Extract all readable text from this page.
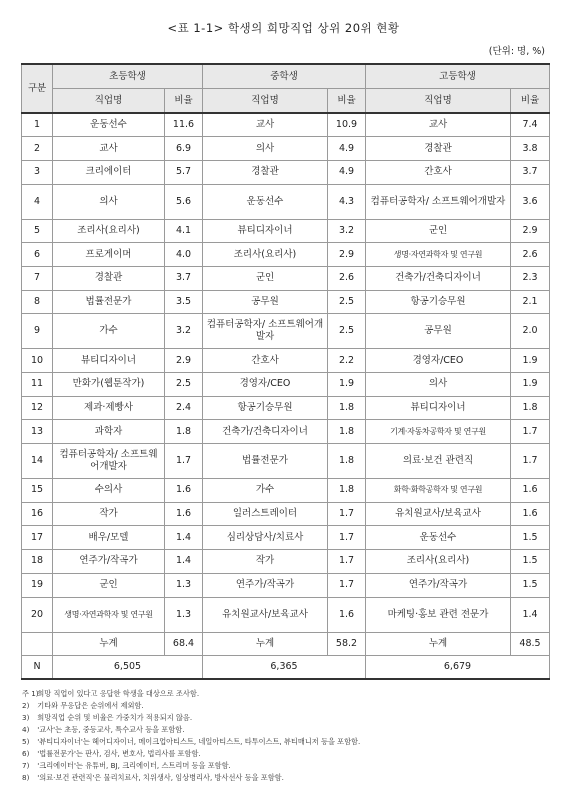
<표 1-1> 학생의 희망직업 상위 20위 현황
(단위: 명, %)
구분	초등학생		중학생		고등학생	
	직업명	비율	직업명	비율	직업명	비율
1	운동선수	11.6	교사	10.9	교사	7.4
2	교사	6.9	의사	4.9	경찰관	3.8
3	크리에이터	5.7	경찰관	4.9	간호사	3.7
4	의사	5.6	운동선수	4.3	컴퓨터공학자/ 소프트웨어개발자	3.6
5	조리사(요리사)	4.1	뷰티디자이너	3.2	군인	2.9
6	프로게이머	4.0	조리사(요리사)	2.9	생명·자연과학자 및 연구원	2.6
7	경찰관	3.7	군인	2.6	건축가/건축디자이너	2.3
8	법률전문가	3.5	공무원	2.5	항공기승무원	2.1
9	가수	3.2	컴퓨터공학자/ 소프트웨어개발자	2.5	공무원	2.0
10	뷰티디자이너	2.9	간호사	2.2	경영자/CEO	1.9
11	만화가(웹툰작가)	2.5	경영자/CEO	1.9	의사	1.9
12	제과·제빵사	2.4	항공기승무원	1.8	뷰티디자이너	1.8
13	과학자	1.8	건축가/건축디자이너	1.8	기계·자동차공학자 및 연구원	1.7
14	컴퓨터공학자/ 소프트웨어개발자	1.7	법률전문가	1.8	의료·보건 관련직	1.7
15	수의사	1.6	가수	1.8	화학·화학공학자 및 연구원	1.6
16	작가	1.6	일러스트레이터	1.7	유치원교사/보육교사	1.6
17	배우/모델	1.4	심리상담사/치료사	1.7	운동선수	1.5
18	연주가/작곡가	1.4	작가	1.7	조리사(요리사)	1.5
19	군인	1.3	연주가/작곡가	1.7	연주가/작곡가	1.5
20	생명·자연과학자 및 연구원	1.3	유치원교사/보육교사	1.6	마케팅·홍보 관련 전문가	1.4
	누계	68.4	누계	58.2	누계	48.5
N	6,505		6,365		6,679	
주 1) 희망 직업이 있다고 응답한 학생을 대상으로 조사함.
2) 기타와 무응답은 순위에서 제외함.
3) 희망직업 순위 및 비율은 가중치가 적용되지 않음.
4) '교사'는 초등, 중등교사, 특수교사 등을 포함함.
5) '뷰티디자이너'는 헤어디자이너, 메이크업아티스트, 네일아티스트, 타투이스트, 뷰티매니저 등을 포함함.
6) '법률전문가'는 판사, 검사, 변호사, 법리사를 포함함.
7) '크리에이터'는 유튜버, BJ, 크리에이터, 스트리머 등을 포함함.
8) '의료·보건 관련직'은 물리치료사, 치위생사, 임상병리사, 방사선사 등을 포함함.
